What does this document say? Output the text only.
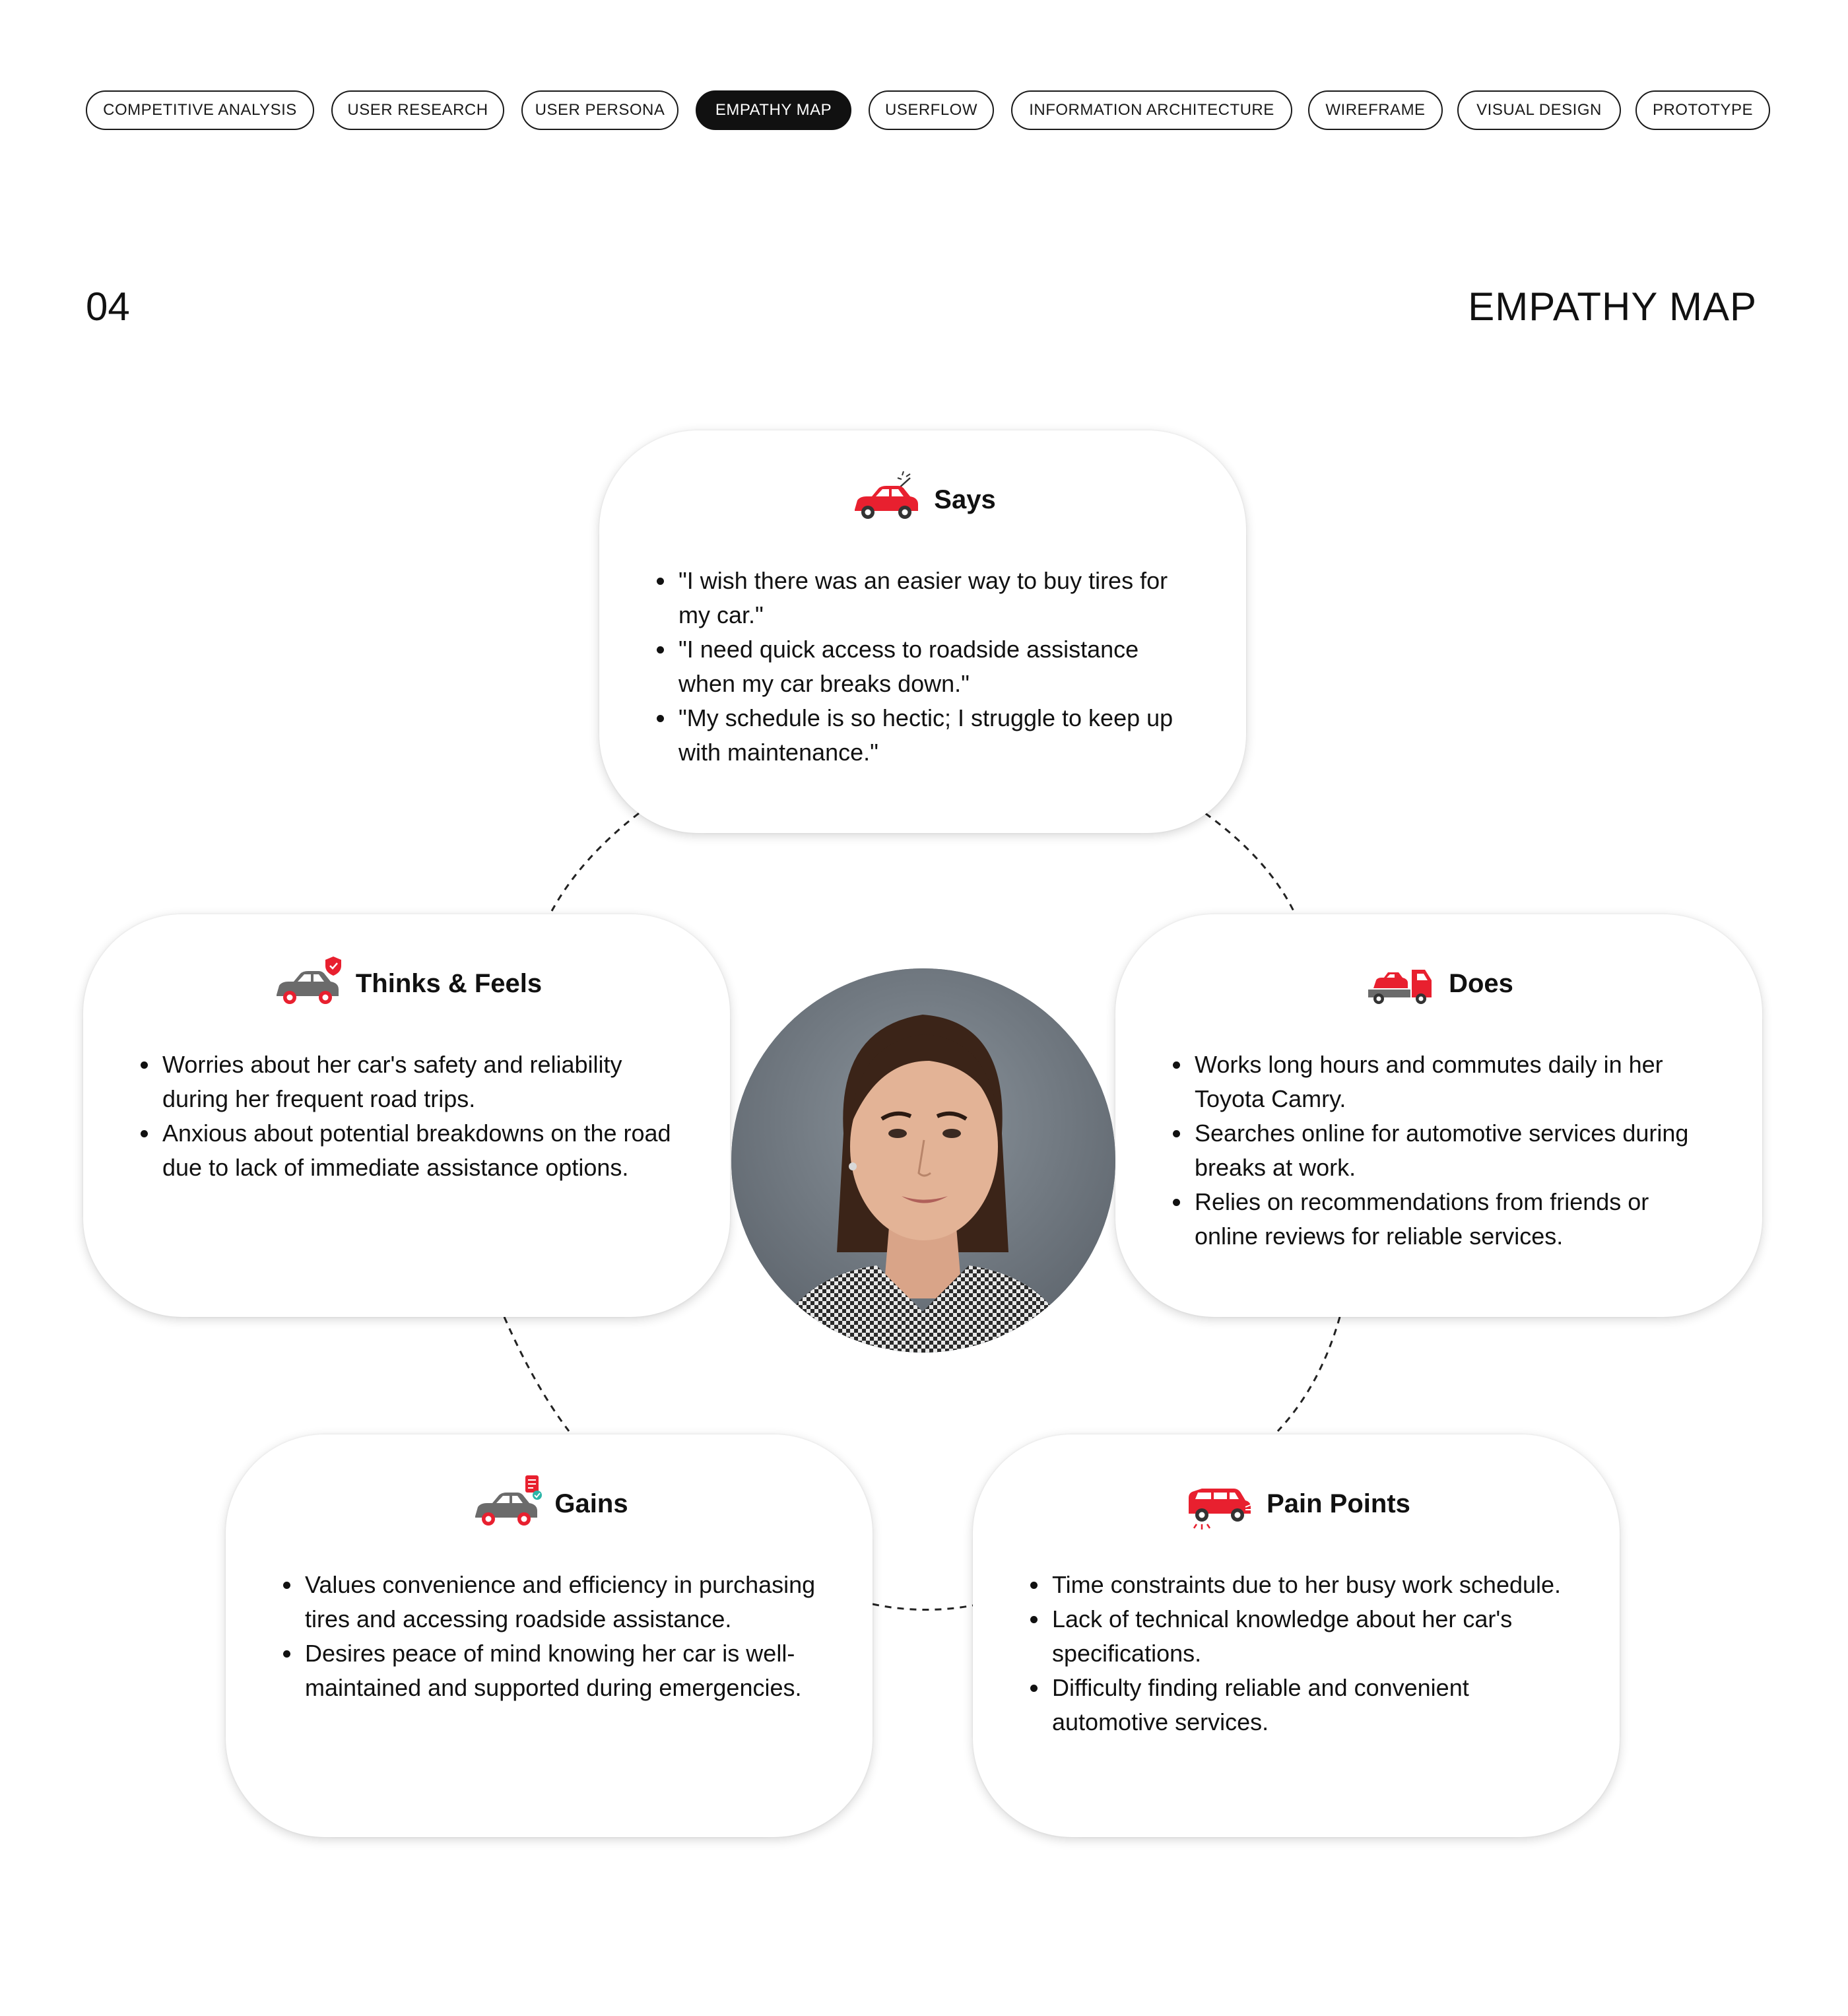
COMPETITIVE ANALYSIS	USER RESEARCH	USER PERSONA	EMPATHY MAP	USERFLOW	INFORMATION ARCHITECTURE	WIREFRAME	VISUAL DESIGN	PROTOTYPE
04	EMPATHY MAP
Says
• "I wish there was an easier way to buy tires for my car."
• "I need quick access to roadside assistance when my car breaks down."
• "My schedule is so hectic; I struggle to keep up with maintenance."
Thinks & Feels
• Worries about her car's safety and reliability during her frequent road trips.
• Anxious about potential breakdowns on the road due to lack of immediate assistance options.
Does
• Works long hours and commutes daily in her Toyota Camry.
• Searches online for automotive services during breaks at work.
• Relies on recommendations from friends or online reviews for reliable services.
Gains
• Values convenience and efficiency in purchasing tires and accessing roadside assistance.
• Desires peace of mind knowing her car is well-maintained and supported during emergencies.
Pain Points
• Time constraints due to her busy work schedule.
• Lack of technical knowledge about her car's specifications.
• Difficulty finding reliable and convenient automotive services.
